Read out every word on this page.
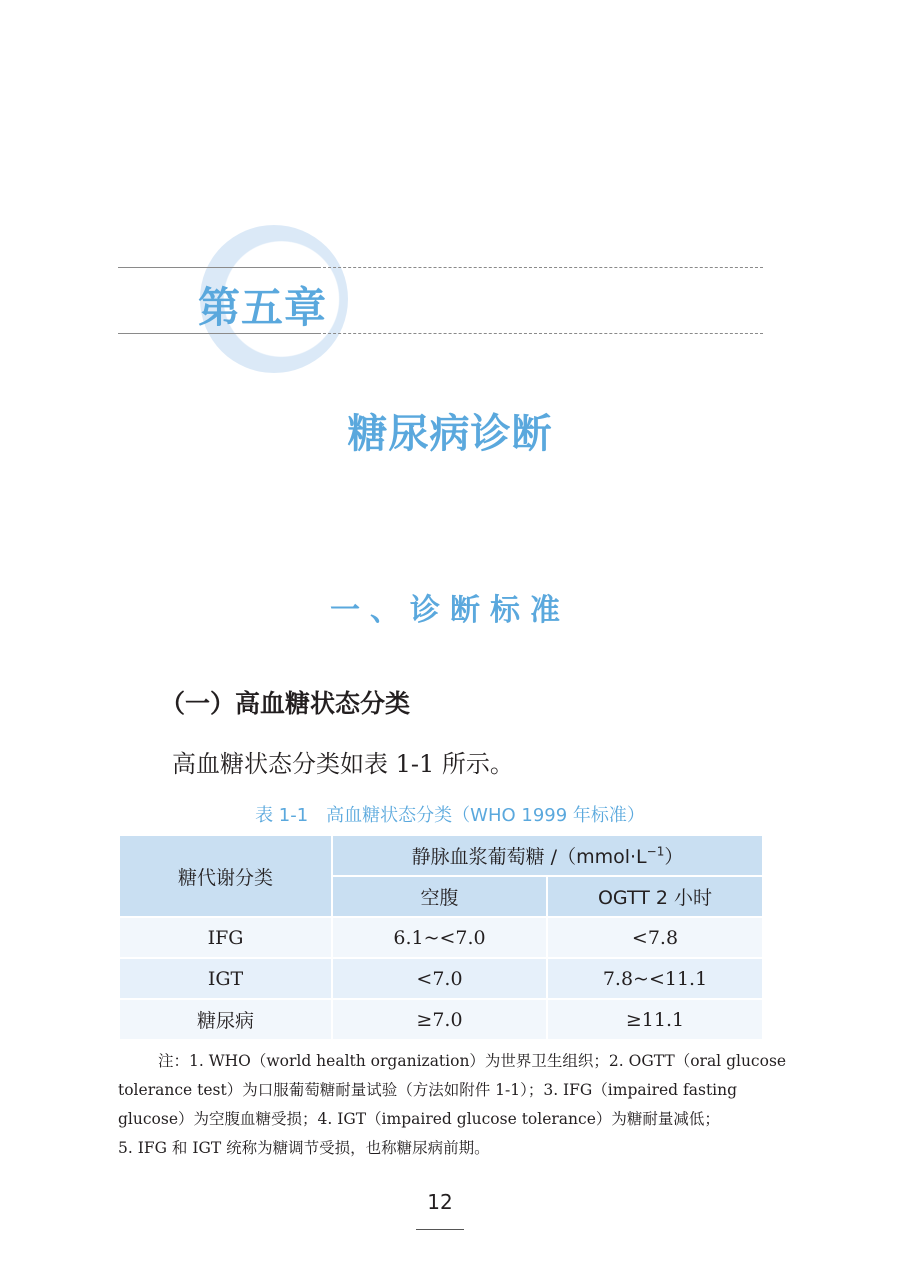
第五章
糖尿病诊断
一、诊断标准
（一）高血糖状态分类
高血糖状态分类如表 1-1 所示。
表 1-1　高血糖状态分类（WHO 1999 年标准）
糖代谢分类	静脉血浆葡萄糖 $/(mmol\cdot L^{-1})$	
	空腹	OGTT 2 小时
IFG	6.1~<7.0	<7.8
IGT	<7.0	7.8~<11.1
糖尿病	≥7.0	≥11.1

注：1. WHO（world health organization）为世界卫生组织；2. OGTT（oral glucose

tolerance test）为口服葡萄糖耐量试验（方法如附件 1-1）；3. IFG（impaired fasting

glucose）为空腹血糖受损；4. IGT（impaired glucose tolerance）为糖耐量减低；

5. IFG 和 IGT 统称为糖调节受损，也称糖尿病前期。

12
